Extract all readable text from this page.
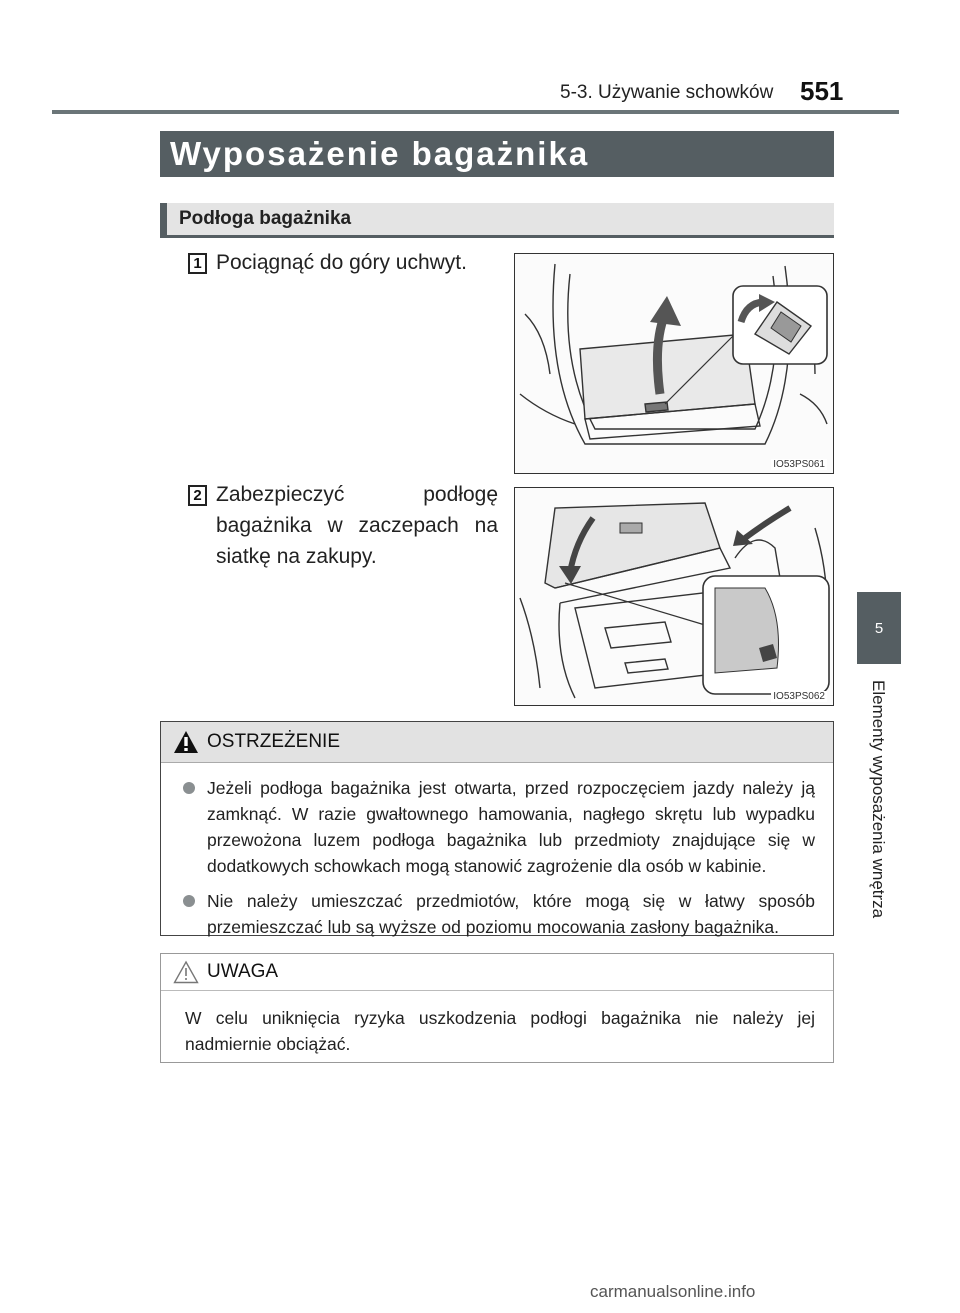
5-3. Używanie schowków 551
Wyposażenie bagażnika
Podłoga bagażnika
1 Pociągnąć do góry uchwyt.
IO53PS061
2 Zabezpieczyć podłogę bagażnika w zaczepach na siatkę na zakupy.
IO53PS062
5
Elementy wyposażenia wnętrza
OSTRZEŻENIE
Jeżeli podłoga bagażnika jest otwarta, przed rozpoczęciem jazdy należy ją zamknąć. W razie gwałtownego hamowania, nagłego skrętu lub wypadku przewożona luzem podłoga bagażnika lub przedmioty znajdujące się w dodatkowych schowkach mogą stanowić zagrożenie dla osób w kabinie.
Nie należy umieszczać przedmiotów, które mogą się w łatwy sposób przemieszczać lub są wyższe od poziomu mocowania zasłony bagażnika.
UWAGA
W celu uniknięcia ryzyka uszkodzenia podłogi bagażnika nie należy jej nadmiernie obciążać.
carmanualsonline.info
